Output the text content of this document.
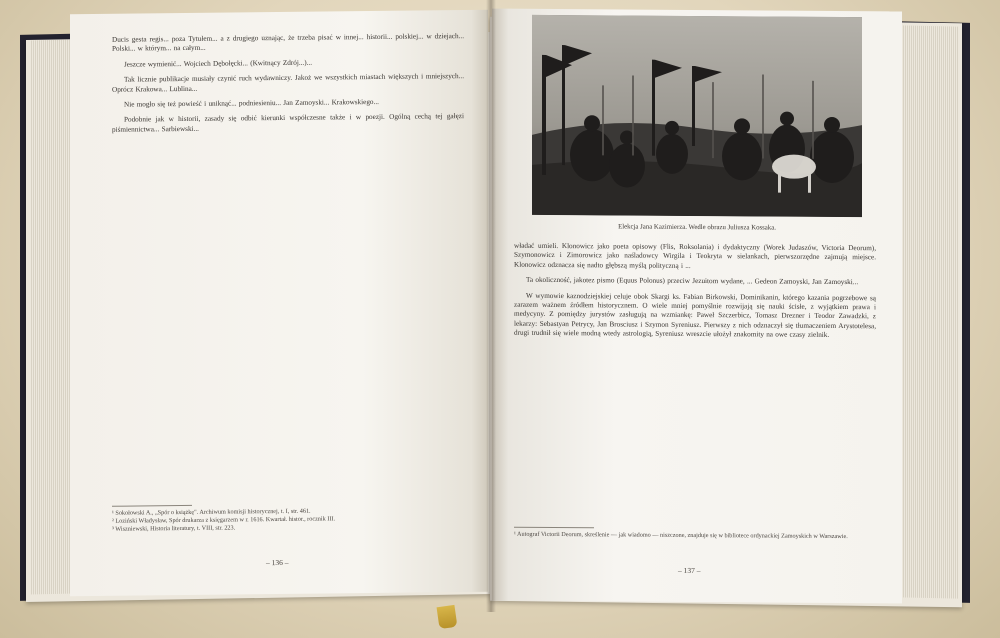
Ducis gesta regis... poza Tytułem... a z drugiego uznając, że trzeba pisać w innej... historii... polskiej... w dziejach... Polski... w którym... na całym...

Jeszcze wymienić... Wojciech Dębołęcki... (Kwitnący Zdrój...)...

Tak licznie publikacje musiały czynić ruch wydawniczy. Jakoż we wszystkich miastach większych i mniejszych... Oprócz Krakowa... Lublina...

Nie mogło się też powieść i uniknąć... podniesieniu... Jan Zamoyski... Krakowskiego...

Podobnie jak w historii, zasady się odbić kierunki współczesne także i w poezji. Ogólną cechą tej gałęzi piśmiennictwa... Sarbiewski...

¹ Sokołowski A., „Spór o książkę". Archiwum komisji historycznej, t. I, str. 461.

² Loziński Władysław, Spór drukarza z księgarzem w r. 1616. Kwartał. histor., rocznik III.

³ Wiszniewski, Historia literatury, t. VIII, str. 223.

– 136 –

Elekcja Jana Kazimierza. Wedle obrazu Juliusza Kossaka.

władać umieli. Klonowicz jako poeta opisowy (Flis, Roksolania) i dydaktyczny (Worek Judaszów, Victoria Deorum), Szymonowicz i Zimorowicz jako naśladowcy Wirgila i Teokryta w sielankach, pierwszorzędne zajmują miejsce. Klonowicz odznacza się nadto głębszą myślą polityczną i ...

Ta okoliczność, jakotez pismo (Equus Polonus) przeciw Jezuitom wydane, ... Gedeon Zamoyski, Jan Zamoyski...

W wymowie kaznodziejskiej celuje obok Skargi ks. Fabian Birkowski, Dominikanin, którego kazania pogrzebowe są zarazem ważnem źródłem historycznem. O wiele mniej pomyślnie rozwijają się nauki ścisłe, z wyjątkiem prawa i medycyny. Z pomiędzy jurystów zasługują na wzmiankę: Paweł Szczerbicz, Tomasz Drezner i Teodor Zawadzki, z lekarzy: Sebastyan Petrycy, Jan Brosciusz i Szymon Syreniusz. Pierwszy z nich odznaczył się tłumaczeniem Arystotelesa, drugi trudnił się wiele modną wtedy astrologią, Syreniusz wreszcie ułożył znakomity na owe czasy zielnik.

¹ Autograf Victorii Deorum, skreślenie — jak wiadomo — niszczone, znajduje się w bibliotece ordynackiej Zamoyskich w Warszawie.

– 137 –
